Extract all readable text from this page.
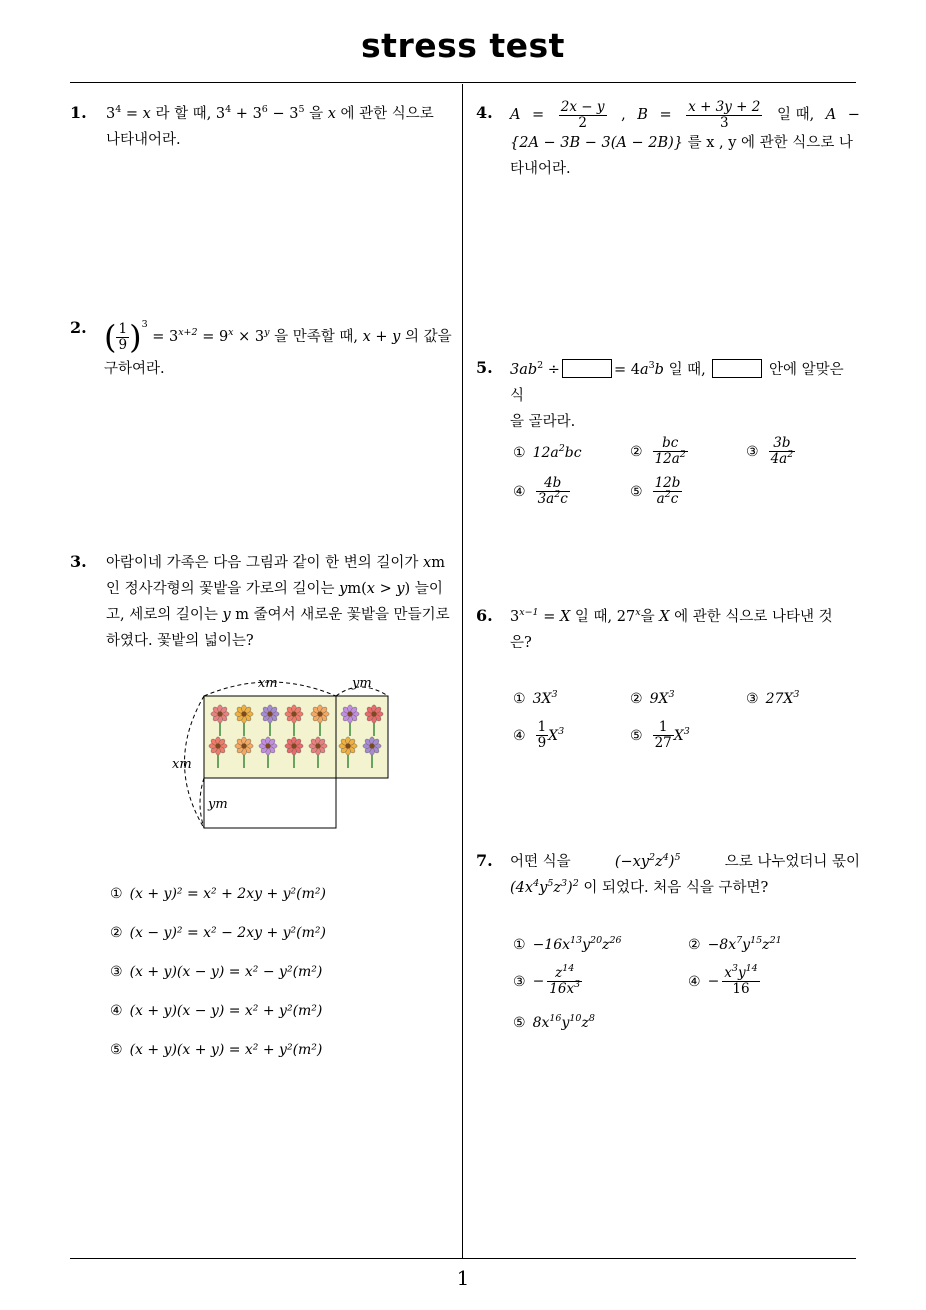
stress test
1
1. $3^4 = x$ 라 할 때, $3^4 + 3^6 - 3^5$ 을 x 에 관한 식으로
나타내어라.
2. ( $\frac{1}{9} )^3 = 3^{x+2} = 9^x \times 3^y$ 을 만족할 때, x + y 의 값을
구하여라.
3. 아람이네 가족은 다음 그림과 같이 한 변의 길이가 xm
인 정사각형의 꽃밭을 가로의 길이는 ym(x > y) 늘이
고, 세로의 길이는 y m 줄여서 새로운 꽃밭을 만들기로
하였다. 꽃밭의 넓이는?
xm	ym
xm
ym
① (x + y)² = x² + 2xy + y²(m²)
② (x − y)² = x² − 2xy + y²(m²)
③ (x + y)(x − y) = x² − y²(m²)
④ (x + y)(x − y) = x² + y²(m²)
⑤ (x + y)(x + y) = x² + y²(m²)
4. $A = \frac{2x - y}{2}$ , $B = \frac{x + 3y + 2}{3}$ 일 때, A −
{2A − 3B − 3(A − 2B)} 를 x , y 에 관한 식으로 나
타내어라.
5. $3ab^2$ ÷	= $4a^3b$ 일 때,	안에 알맞은 식
을 골라라.
① $12a^2bc$	② $\frac{bc}{12a^2}$	③ $\frac{3b}{4a^2}$
④ $\frac{4b}{3a^2c}$	⑤ $\frac{12b}{a^2c}$
6. $3^{x-1} = X$ 일 때, 27$^x$을 X 에 관한 식으로 나타낸 것
은?
① $3X^3$	② $9X^3$	③ $27X^3$
④ $\frac{1}{9} X^3$	⑤ $\frac{1}{27} X^3$
7. 어떤 식을	$(-xy^2z^4)^5$	으로 나누었더니 몫이
$(4x^4y^5z^3)^2$ 이 되었다. 처음 식을 구하면?
① $-16x^{13}y^{20}z^{26}$	② $-8x^7y^{15}z^{21}$
③ − $\frac{z^{14}}{16x^3}$	④ − $\frac{x^3y^{14}}{16}$
⑤ $8x^{16}y^{10}z^8$
